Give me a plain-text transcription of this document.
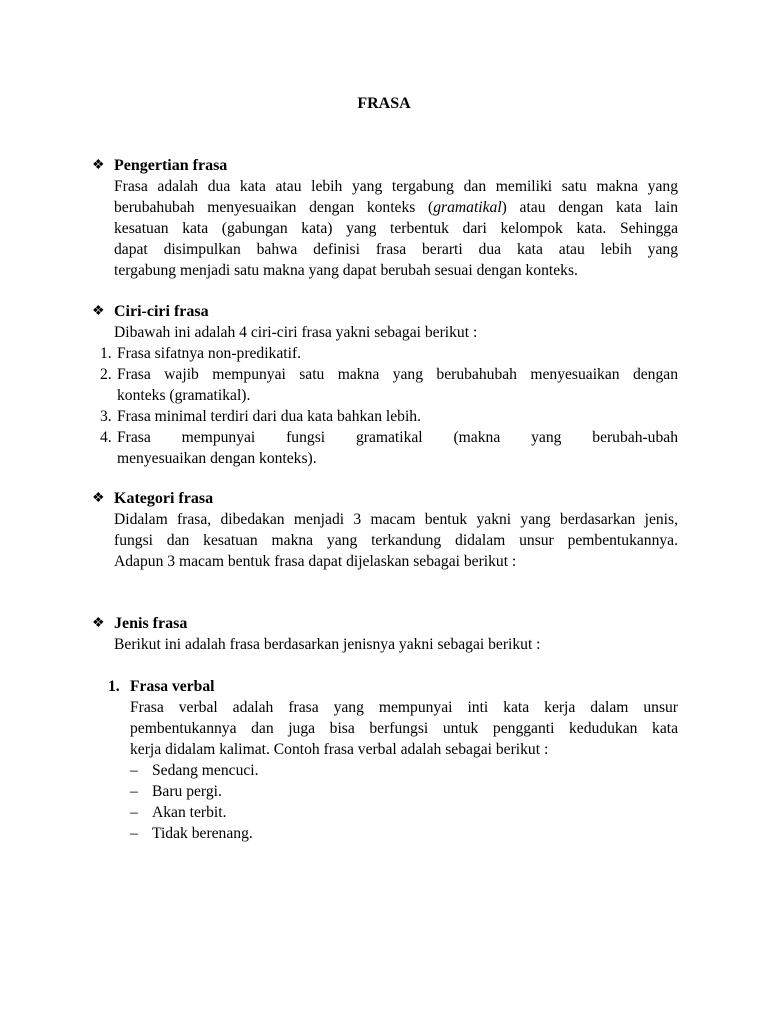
FRASA
❖ Pengertian frasa
Frasa adalah dua kata atau lebih yang tergabung dan memiliki satu makna yang
berubahubah menyesuaikan dengan konteks (gramatikal) atau dengan kata lain
kesatuan kata (gabungan kata) yang terbentuk dari kelompok kata. Sehingga
dapat disimpulkan bahwa definisi frasa berarti dua kata atau lebih yang
tergabung menjadi satu makna yang dapat berubah sesuai dengan konteks.
❖ Ciri-ciri frasa
Dibawah ini adalah 4 ciri-ciri frasa yakni sebagai berikut :
1. Frasa sifatnya non-predikatif.
2. Frasa wajib mempunyai satu makna yang berubahubah menyesuaikan dengan
konteks (gramatikal).
3. Frasa minimal terdiri dari dua kata bahkan lebih.
4. Frasa mempunyai fungsi gramatikal (makna yang berubah-ubah
menyesuaikan dengan konteks).
❖ Kategori frasa
Didalam frasa, dibedakan menjadi 3 macam bentuk yakni yang berdasarkan jenis,
fungsi dan kesatuan makna yang terkandung didalam unsur pembentukannya.
Adapun 3 macam bentuk frasa dapat dijelaskan sebagai berikut :
❖ Jenis frasa
Berikut ini adalah frasa berdasarkan jenisnya yakni sebagai berikut :
1. Frasa verbal
Frasa verbal adalah frasa yang mempunyai inti kata kerja dalam unsur
pembentukannya dan juga bisa berfungsi untuk pengganti kedudukan kata
kerja didalam kalimat. Contoh frasa verbal adalah sebagai berikut :
– Sedang mencuci.
– Baru pergi.
– Akan terbit.
– Tidak berenang.
